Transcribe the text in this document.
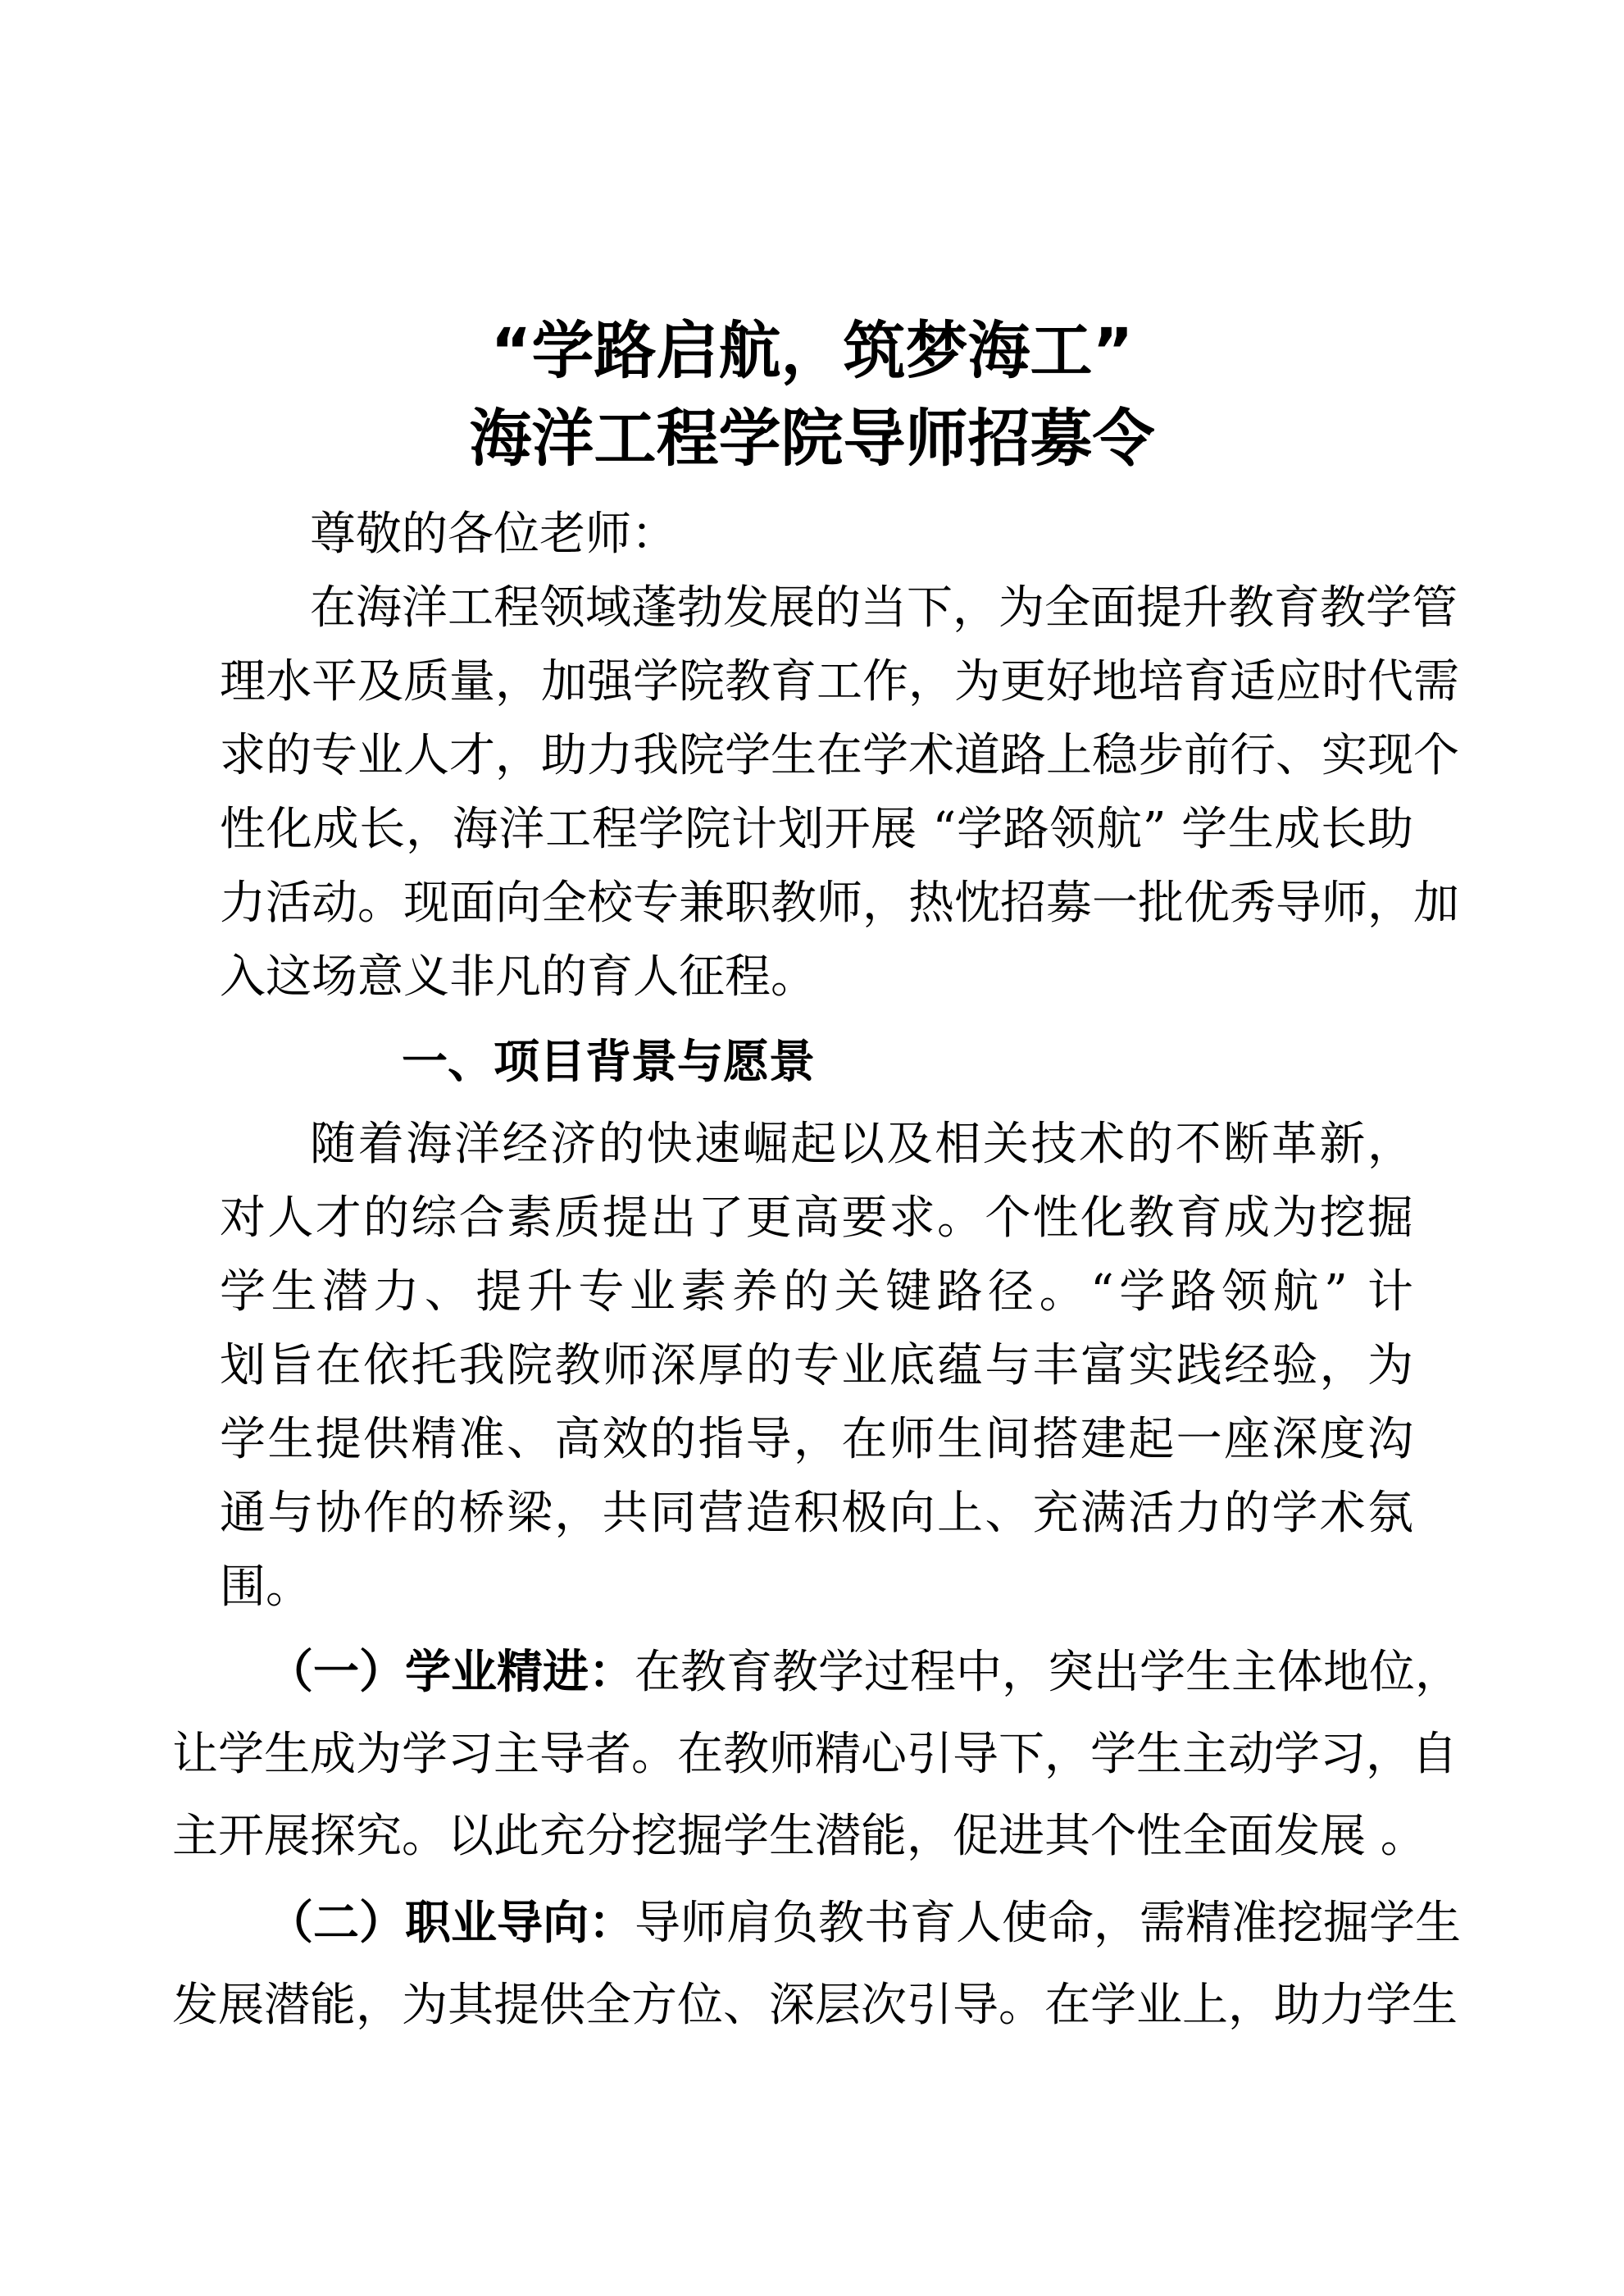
“学路启航，筑梦海工”
海洋工程学院导师招募令
尊敬的各位老师：
在海洋工程领域蓬勃发展的当下，为全面提升教育教学管
理水平及质量，加强学院教育工作，为更好地培育适应时代需
求的专业人才，助力我院学生在学术道路上稳步前行、实现个
性化成长，海洋工程学院计划开展 “学路领航” 学生成长助
力活动。现面向全校专兼职教师，热忱招募一批优秀导师，加
入这场意义非凡的育人征程。
一、项目背景与愿景
随着海洋经济的快速崛起以及相关技术的不断革新，
对人才的综合素质提出了更高要求。个性化教育成为挖掘
学生潜力、提升专业素养的关键路径。“学路领航” 计
划旨在依托我院教师深厚的专业底蕴与丰富实践经验，为
学生提供精准、高效的指导，在师生间搭建起一座深度沟
通与协作的桥梁，共同营造积极向上、充满活力的学术氛
围。
（一）学业精进：在教育教学过程中，突出学生主体地位，
让学生成为学习主导者。在教师精心引导下，学生主动学习，自
主开展探究。以此充分挖掘学生潜能，促进其个性全面发展 。
（二）职业导向：导师肩负教书育人使命，需精准挖掘学生
发展潜能，为其提供全方位、深层次引导。在学业上，助力学生
